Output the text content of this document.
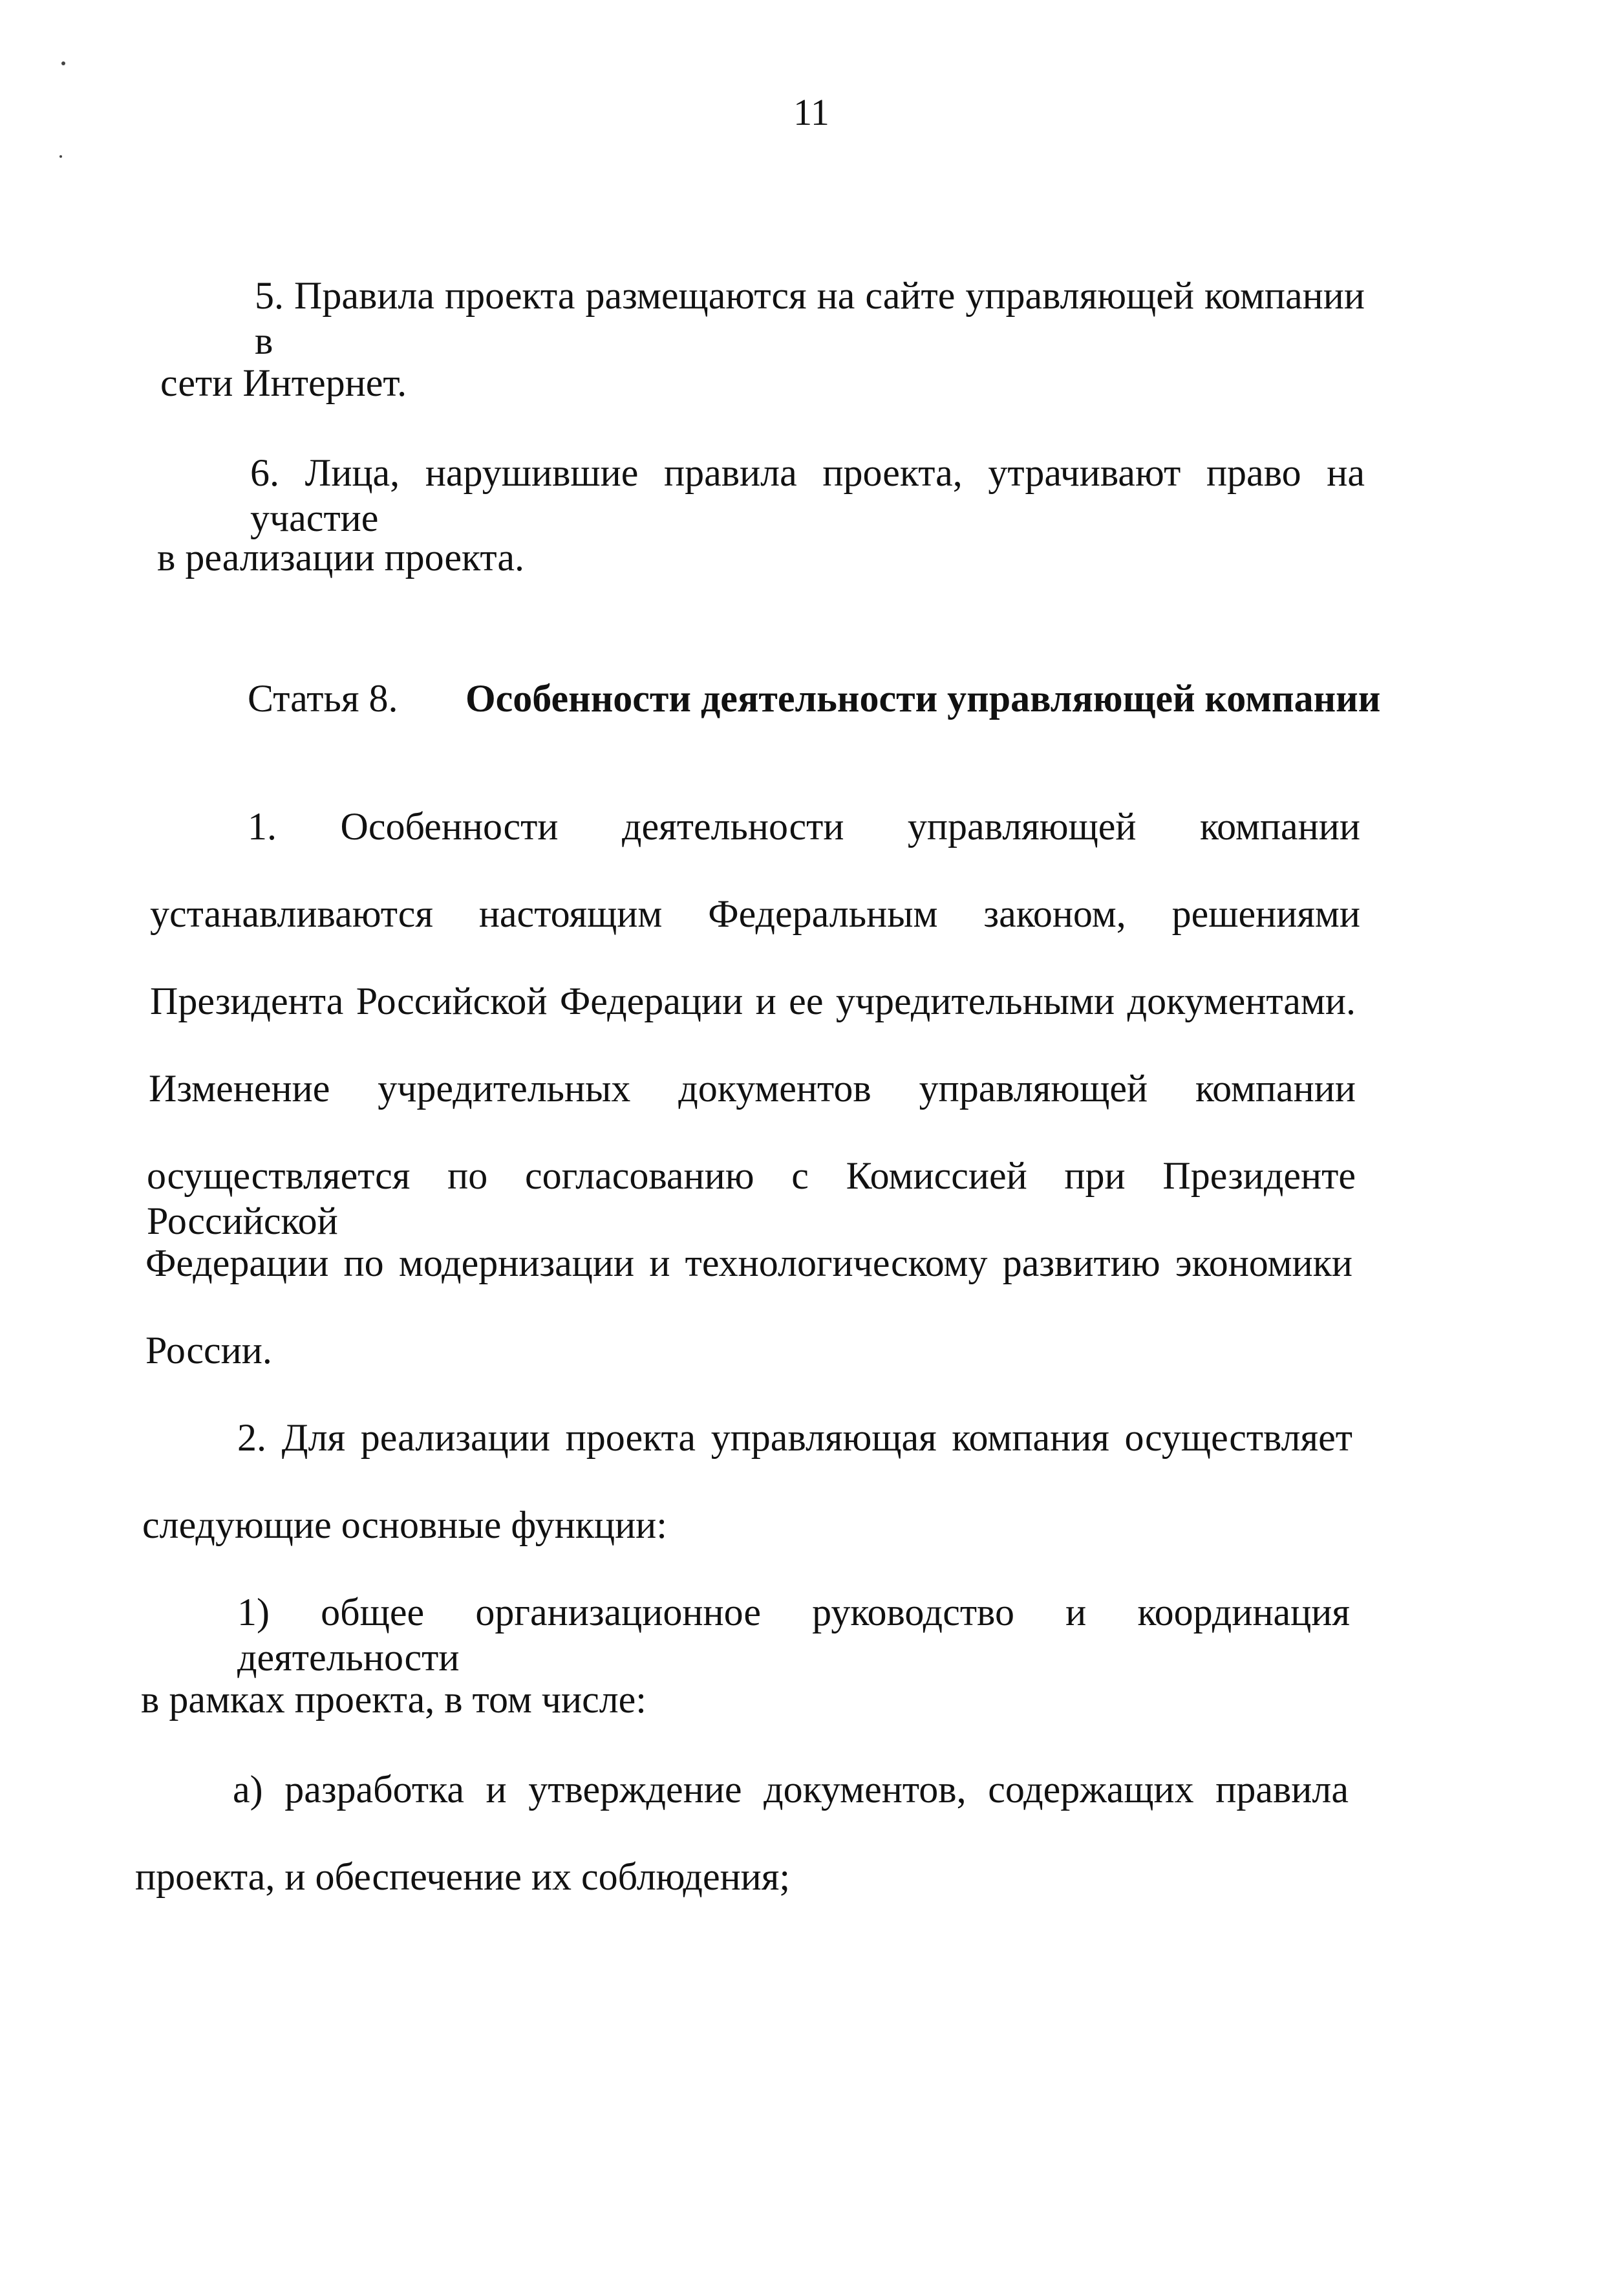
11
5. Правила проекта размещаются на сайте управляющей компании в
сети Интернет.
6. Лица, нарушившие правила проекта, утрачивают право на участие
в реализации проекта.
Статья 8. Особенности деятельности управляющей компании
1. Особенности деятельности управляющей компании
устанавливаются настоящим Федеральным законом, решениями
Президента Российской Федерации и ее учредительными документами.
Изменение учредительных документов управляющей компании
осуществляется по согласованию с Комиссией при Президенте Российской
Федерации по модернизации и технологическому развитию экономики
России.
2. Для реализации проекта управляющая компания осуществляет
следующие основные функции:
1) общее организационное руководство и координация деятельности
в рамках проекта, в том числе:
а) разработка и утверждение документов, содержащих правила
проекта, и обеспечение их соблюдения;
